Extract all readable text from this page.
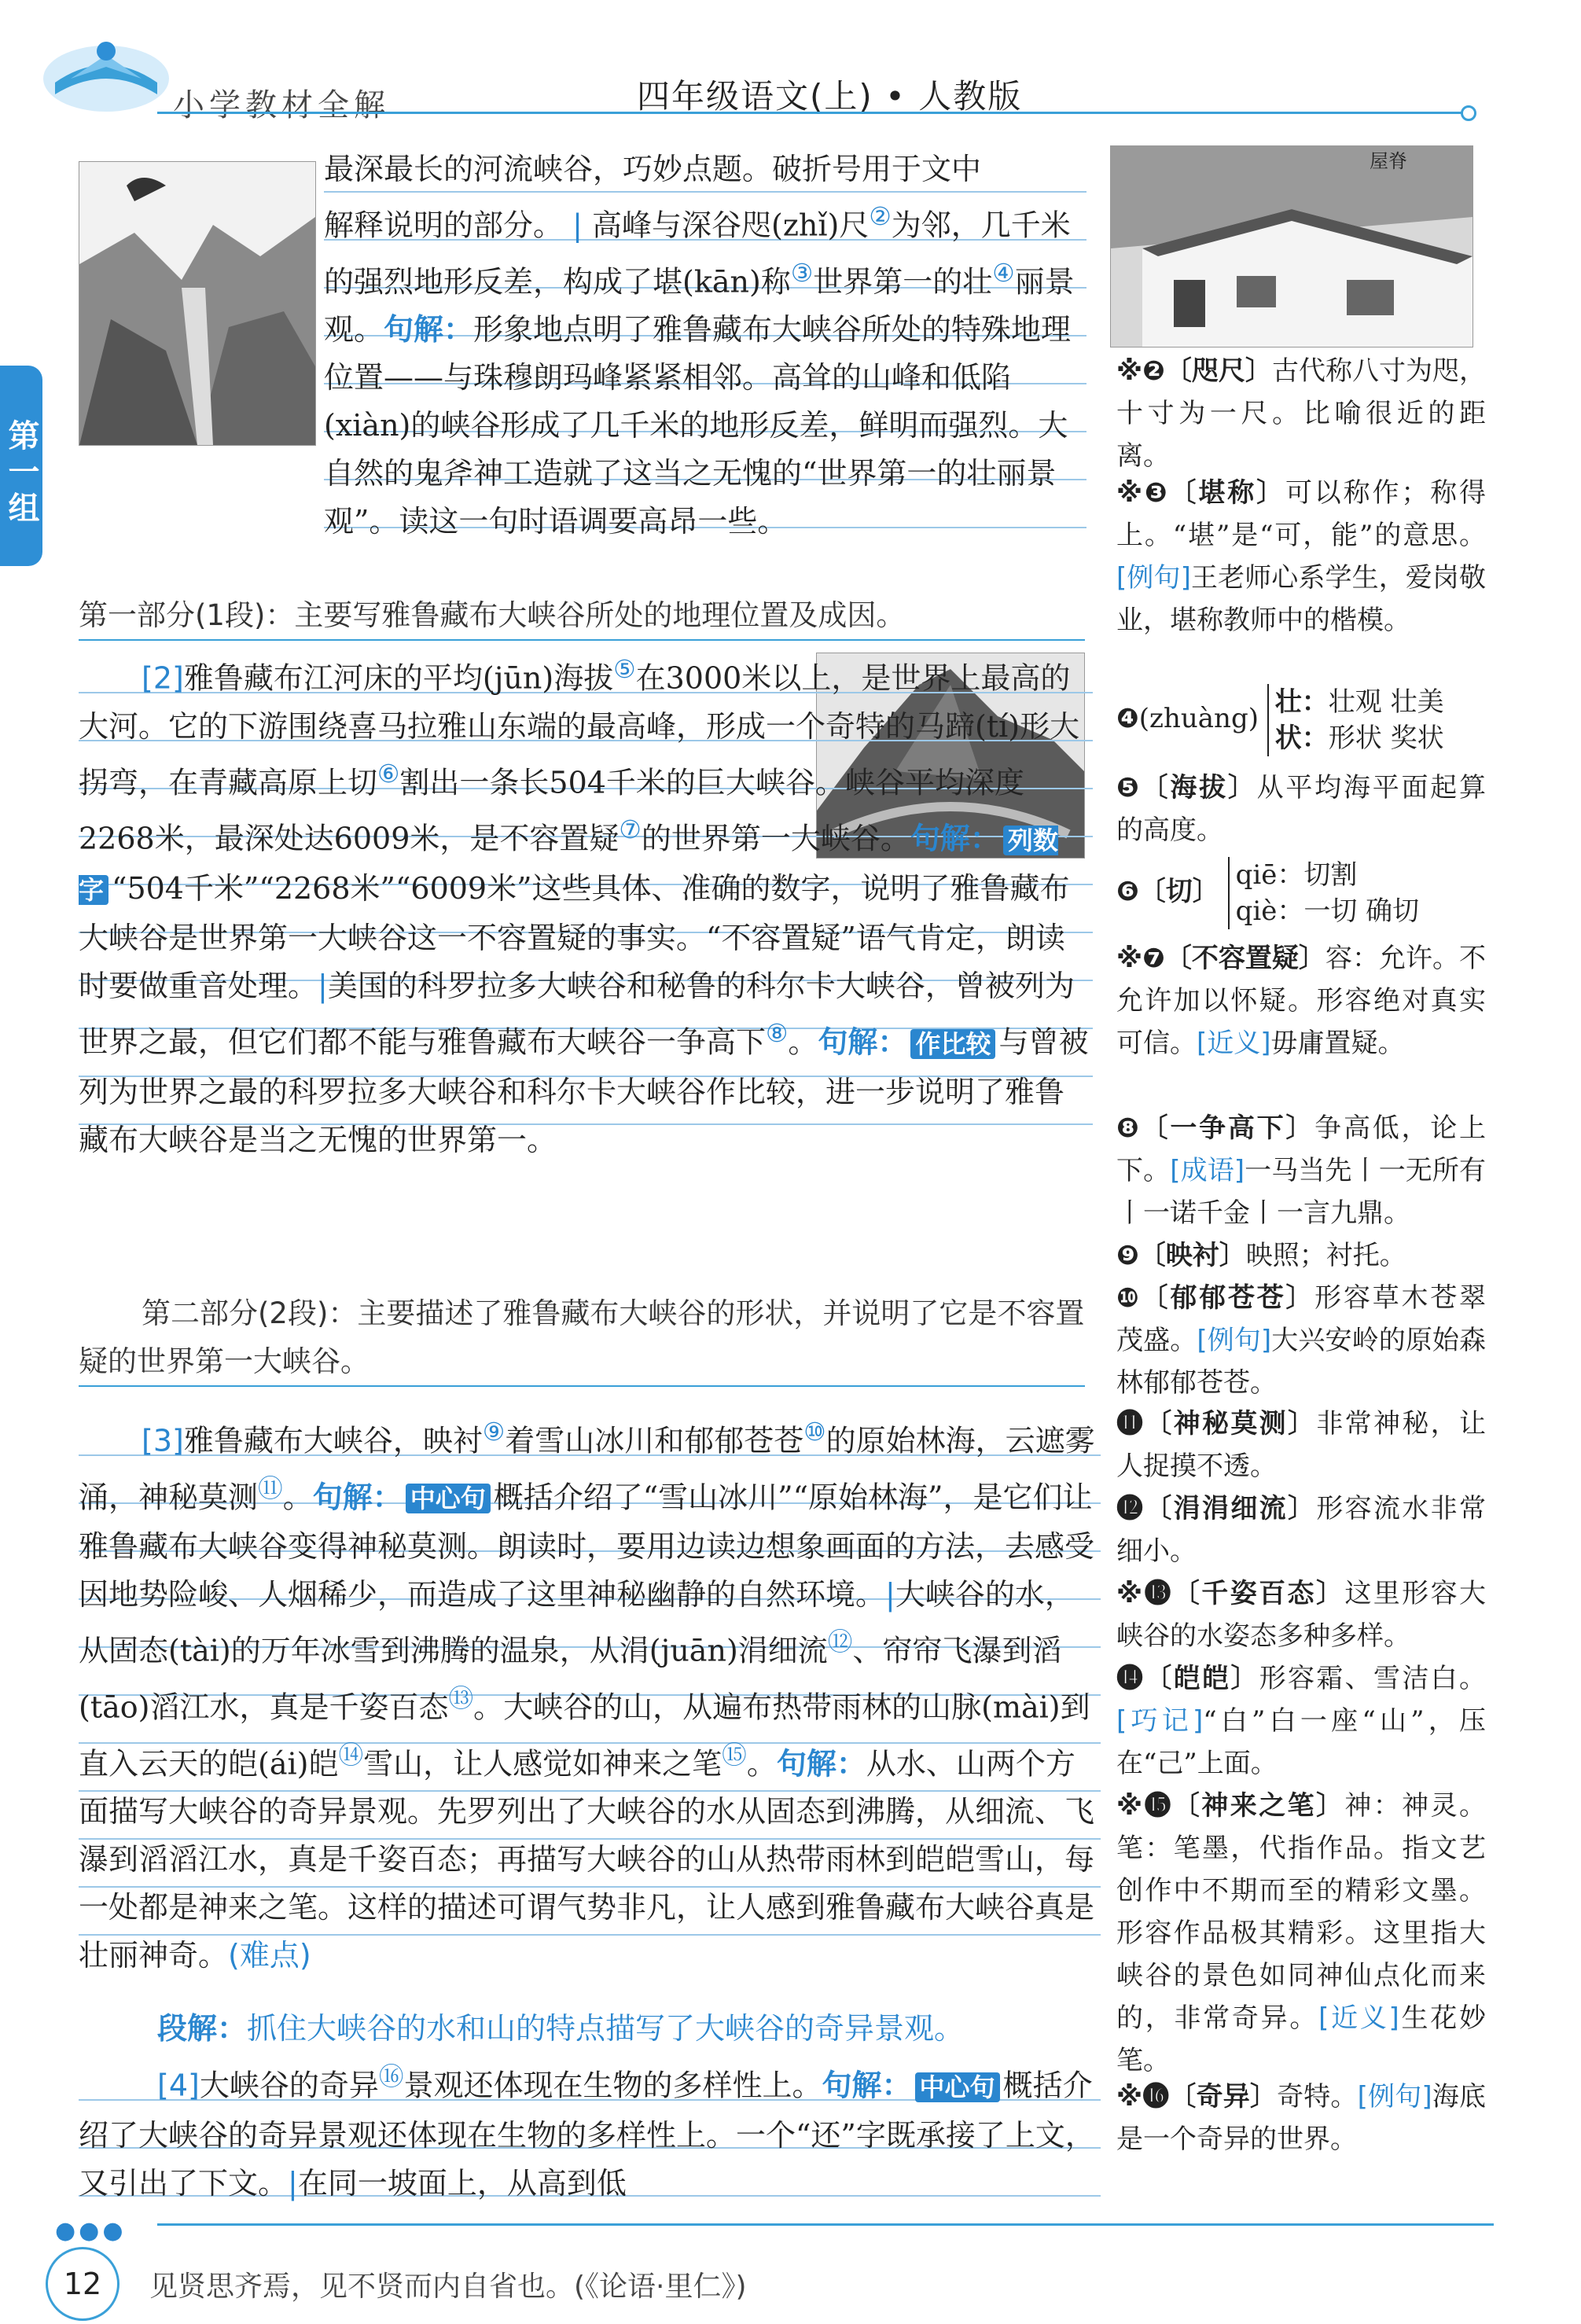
小学教材全解	四年级语文(上) • 人教版
第一组
屋脊
最深最长的河流峡谷，巧妙点题。破折号用于文中
解释说明的部分。 | 高峰与深谷咫(zhǐ)尺②为邻，几千米的强烈地形反差，构成了堪(kān)称③世界第一的壮④丽景观。句解：形象地点明了雅鲁藏布大峡谷所处的特殊地理位置——与珠穆朗玛峰紧紧相邻。高耸的山峰和低陷(xiàn)的峡谷形成了几千米的地形反差，鲜明而强烈。大自然的鬼斧神工造就了这当之无愧的“世界第一的壮丽景观”。读这一句时语调要高昂一些。
第一部分(1段)：主要写雅鲁藏布大峡谷所处的地理位置及成因。
[2]雅鲁藏布江河床的平均(jūn)海拔⑤在3000米以上，是世界上最高的大河。它的下游围绕喜马拉雅山东端的最高峰，形成一个奇特的马蹄(tí)形大拐弯，在青藏高原上切⑥割出一条长504千米的巨大峡谷。峡谷平均深度2268米，最深处达6009米，是不容置疑⑦的世界第一大峡谷。句解： 列数字 “504千米”“2268米”“6009米”这些具体、准确的数字，说明了雅鲁藏布大峡谷是世界第一大峡谷这一不容置疑的事实。“不容置疑”语气肯定，朗读时要做重音处理。|美国的科罗拉多大峡谷和秘鲁的科尔卡大峡谷，曾被列为世界之最，但它们都不能与雅鲁藏布大峡谷一争高下⑧。句解： 作比较 与曾被列为世界之最的科罗拉多大峡谷和科尔卡大峡谷作比较，进一步说明了雅鲁藏布大峡谷是当之无愧的世界第一。
第二部分(2段)：主要描述了雅鲁藏布大峡谷的形状，并说明了它是不容置疑的世界第一大峡谷。
[3]雅鲁藏布大峡谷，映衬⑨着雪山冰川和郁郁苍苍⑩的原始林海，云遮雾涌，神秘莫测⑪。句解： 中心句 概括介绍了“雪山冰川”“原始林海”，是它们让雅鲁藏布大峡谷变得神秘莫测。朗读时，要用边读边想象画面的方法，去感受因地势险峻、人烟稀少，而造成了这里神秘幽静的自然环境。|大峡谷的水，从固态(tài)的万年冰雪到沸腾的温泉，从涓(juān)涓细流⑫、帘帘飞瀑到滔(tāo)滔江水，真是千姿百态⑬。大峡谷的山，从遍布热带雨林的山脉(mài)到直入云天的皑(ái)皑⑭雪山，让人感觉如神来之笔⑮。句解：从水、山两个方面描写大峡谷的奇异景观。先罗列出了大峡谷的水从固态到沸腾，从细流、飞瀑到滔滔江水，真是千姿百态；再描写大峡谷的山从热带雨林到皑皑雪山，每一处都是神来之笔。这样的描述可谓气势非凡，让人感到雅鲁藏布大峡谷真是壮丽神奇。(难点)
段解：抓住大峡谷的水和山的特点描写了大峡谷的奇异景观。
[4]大峡谷的奇异⑯景观还体现在生物的多样性上。句解： 中心句 概括介绍了大峡谷的奇异景观还体现在生物的多样性上。一个“还”字既承接了上文，又引出了下文。|在同一坡面上，从高到低
※❷〔咫尺〕古代称八寸为咫，十寸为一尺。比喻很近的距离。
※❸〔堪称〕可以称作；称得上。“堪”是“可，能”的意思。[例句]王老师心系学生，爱岗敬业，堪称教师中的楷模。
❹(zhuàng) 壮：壮观 壮美
状：形状 奖状
❺〔海拔〕从平均海平面起算的高度。
❻〔切〕 qiē：切割
qiè：一切 确切
※❼〔不容置疑〕容：允许。不允许加以怀疑。形容绝对真实可信。[近义]毋庸置疑。
❽〔一争高下〕争高低，论上下。[成语]一马当先丨一无所有丨一诺千金丨一言九鼎。
❾〔映衬〕映照；衬托。
❿〔郁郁苍苍〕形容草木苍翠茂盛。[例句]大兴安岭的原始森林郁郁苍苍。
⓫〔神秘莫测〕非常神秘，让人捉摸不透。
⓬〔涓涓细流〕形容流水非常细小。
※⓭〔千姿百态〕这里形容大峡谷的水姿态多种多样。
⓮〔皑皑〕形容霜、雪洁白。[巧记]“白”白一座“山”，压在“己”上面。
※⓯〔神来之笔〕神：神灵。笔：笔墨，代指作品。指文艺创作中不期而至的精彩文墨。形容作品极其精彩。这里指大峡谷的景色如同神仙点化而来的，非常奇异。[近义]生花妙笔。
※⓰〔奇异〕奇特。[例句]海底是一个奇异的世界。
●●●
12	见贤思齐焉，见不贤而内自省也。(《论语·里仁》)
